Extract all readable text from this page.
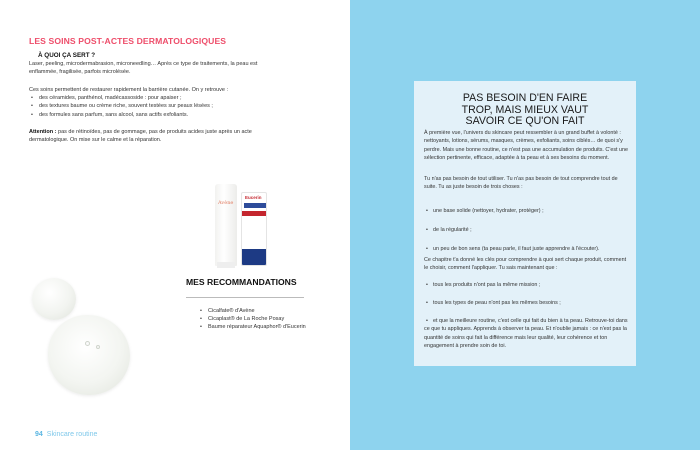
LES SOINS POST-ACTES DERMATOLOGIQUES
À QUOI ÇA SERT ?

Laser, peeling, microdermabrasion, microneedling… Après ce type de traitements, la peau est enflammée, fragilisée, parfois microlésée.

Ces soins permettent de restaurer rapidement la barrière cutanée. On y retrouve :

• des céramides, panthénol, madécassoside : pour apaiser ;
• des textures baume ou crème riche, souvent testées sur peaux lésées ;
• des formules sans parfum, sans alcool, sans actifs exfoliants.

Attention : pas de rétinoïdes, pas de gommage, pas de produits acides juste après un acte dermatologique. On mise sur le calme et la réparation.

Avène
Eucerin
MES RECOMMANDATIONS
• Cicalfate® d'Avène
• Cicaplast® de La Roche Posay
• Baume réparateur Aquaphor® d'Eucerin
94 Skincare routine
PAS BESOIN D'EN FAIRE
TROP, MAIS MIEUX VAUT
SAVOIR CE QU'ON FAIT

À première vue, l'univers du skincare peut ressembler à un grand buffet à volonté : nettoyants, lotions, sérums, masques, crèmes, exfoliants, soins ciblés… de quoi s'y perdre. Mais une bonne routine, ce n'est pas une accumulation de produits. C'est une sélection pertinente, efficace, adaptée à ta peau et à ses besoins du moment.

Tu n'as pas besoin de tout utiliser. Tu n'as pas besoin de tout comprendre tout de suite. Tu as juste besoin de trois choses :

• une base solide (nettoyer, hydrater, protéger) ;
• de la régularité ;
• un peu de bon sens (ta peau parle, il faut juste apprendre à l'écouter).

Ce chapitre t'a donné les clés pour comprendre à quoi sert chaque produit, comment le choisir, comment l'appliquer. Tu sais maintenant que :

• tous les produits n'ont pas la même mission ;
• tous les types de peau n'ont pas les mêmes besoins ;

• et que la meilleure routine, c'est celle qui fait du bien à ta peau. Retrouve-toi dans ce que tu appliques. Apprends à observer ta peau. Et n'oublie jamais : ce n'est pas la quantité de soins qui fait la différence mais leur qualité, leur cohérence et ton engagement à prendre soin de toi.
